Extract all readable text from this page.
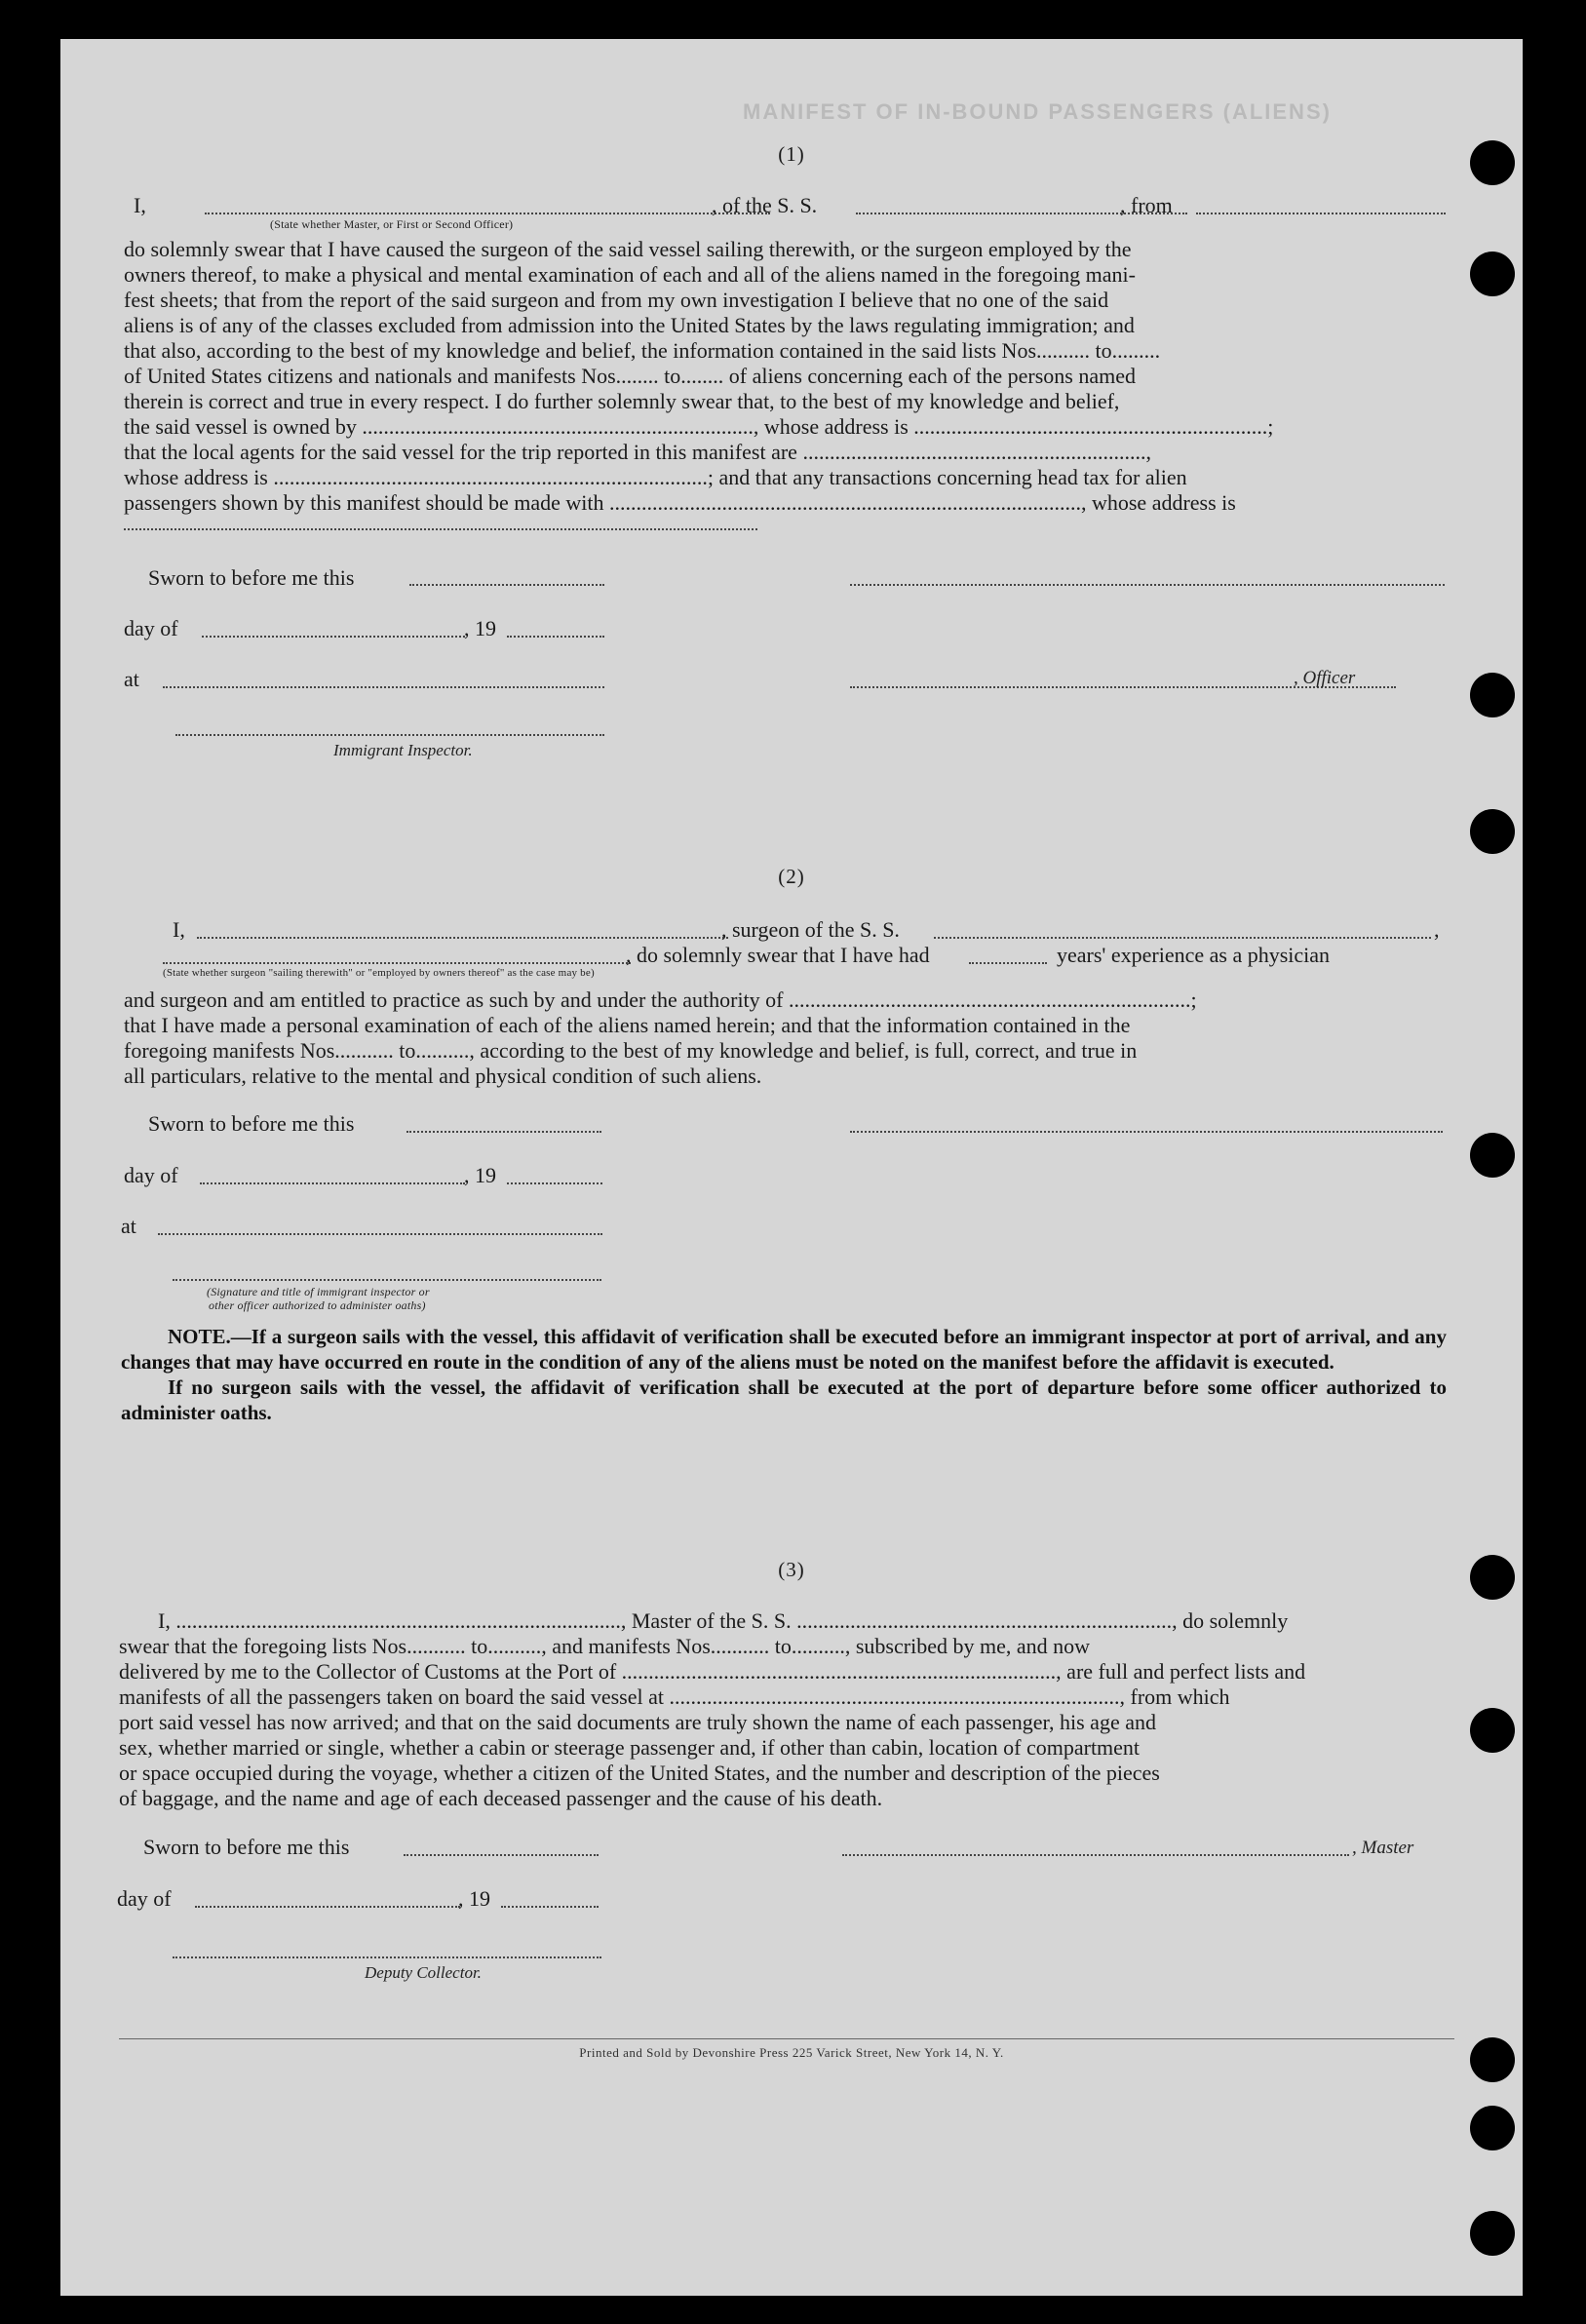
MANIFEST OF IN-BOUND PASSENGERS (ALIENS)
(1)
I,	, of the S. S.	, from
(State whether Master, or First or Second Officer)

do solemnly swear that I have caused the surgeon of the said vessel sailing therewith, or the surgeon employed by the

owners thereof, to make a physical and mental examination of each and all of the aliens named in the foregoing mani-

fest sheets; that from the report of the said surgeon and from my own investigation I believe that no one of the said

aliens is of any of the classes excluded from admission into the United States by the laws regulating immigration; and

that also, according to the best of my knowledge and belief, the information contained in the said lists Nos.......... to.........

of United States citizens and nationals and manifests Nos........ to........ of aliens concerning each of the persons named

therein is correct and true in every respect. I do further solemnly swear that, to the best of my knowledge and belief,

the said vessel is owned by ........................................................................., whose address is ..................................................................;

that the local agents for the said vessel for the trip reported in this manifest are ................................................................,

whose address is .................................................................................; and that any transactions concerning head tax for alien

passengers shown by this manifest should be made with ........................................................................................, whose address is

Sworn to before me this
day of	, 19
at	, Officer
Immigrant Inspector.
(2)
I,	, surgeon of the S. S.	,
, do solemnly swear that I have had	years' experience as a physician
(State whether surgeon "sailing therewith" or "employed by owners thereof" as the case may be)

and surgeon and am entitled to practice as such by and under the authority of ...........................................................................;

that I have made a personal examination of each of the aliens named herein; and that the information contained in the

foregoing manifests Nos........... to.........., according to the best of my knowledge and belief, is full, correct, and true in

all particulars, relative to the mental and physical condition of such aliens.

Sworn to before me this
day of	, 19
at
(Signature and title of immigrant inspector or
other officer authorized to administer oaths)

NOTE.—If a surgeon sails with the vessel, this affidavit of verification shall be executed before an immigrant inspector at port of arrival, and any changes that may have occurred en route in the condition of any of the aliens must be noted on the manifest before the affidavit is executed.

If no surgeon sails with the vessel, the affidavit of verification shall be executed at the port of departure before some officer authorized to administer oaths.

(3)

I, ..................................................................................., Master of the S. S. ......................................................................, do solemnly

swear that the foregoing lists Nos........... to.........., and manifests Nos........... to.........., subscribed by me, and now

delivered by me to the Collector of Customs at the Port of ................................................................................., are full and perfect lists and

manifests of all the passengers taken on board the said vessel at ...................................................................................., from which

port said vessel has now arrived; and that on the said documents are truly shown the name of each passenger, his age and

sex, whether married or single, whether a cabin or steerage passenger and, if other than cabin, location of compartment

or space occupied during the voyage, whether a citizen of the United States, and the number and description of the pieces

of baggage, and the name and age of each deceased passenger and the cause of his death.

Sworn to before me this	, Master
day of	, 19
Deputy Collector.
Printed and Sold by Devonshire Press 225 Varick Street, New York 14, N. Y.
